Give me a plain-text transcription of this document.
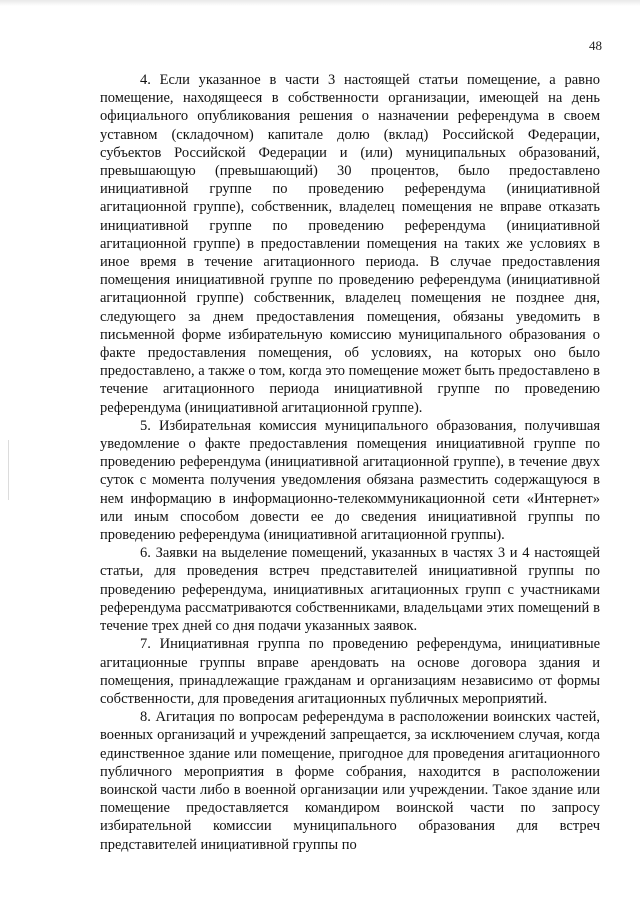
48

4. Если указанное в части 3 настоящей статьи помещение, а равно помещение, находящееся в собственности организации, имеющей на день официального опубликования решения о назначении референдума в своем уставном (складочном) капитале долю (вклад) Российской Федерации, субъектов Российской Федерации и (или) муниципальных образований, превышающую (превышающий) 30 процентов, было предоставлено инициативной группе по проведению референдума (инициативной агитационной группе), собственник, владелец помещения не вправе отказать инициативной группе по проведению референдума (инициативной агитационной группе) в предоставлении помещения на таких же условиях в иное время в течение агитационного периода. В случае предоставления помещения инициативной группе по проведению референдума (инициативной агитационной группе) собственник, владелец помещения не позднее дня, следующего за днем предоставления помещения, обязаны уведомить в письменной форме избирательную комиссию муниципального образования о факте предоставления помещения, об условиях, на которых оно было предоставлено, а также о том, когда это помещение может быть предоставлено в течение агитационного периода инициативной группе по проведению референдума (инициативной агитационной группе).

5. Избирательная комиссия муниципального образования, получившая уведомление о факте предоставления помещения инициативной группе по проведению референдума (инициативной агитационной группе), в течение двух суток с момента получения уведомления обязана разместить содержащуюся в нем информацию в информационно-телекоммуникационной сети «Интернет» или иным способом довести ее до сведения инициативной группы по проведению референдума (инициативной агитационной группы).

6. Заявки на выделение помещений, указанных в частях 3 и 4 настоящей статьи, для проведения встреч представителей инициативной группы по проведению референдума, инициативных агитационных групп с участниками референдума рассматриваются собственниками, владельцами этих помещений в течение трех дней со дня подачи указанных заявок.

7. Инициативная группа по проведению референдума, инициативные агитационные группы вправе арендовать на основе договора здания и помещения, принадлежащие гражданам и организациям независимо от формы собственности, для проведения агитационных публичных мероприятий.

8. Агитация по вопросам референдума в расположении воинских частей, военных организаций и учреждений запрещается, за исключением случая, когда единственное здание или помещение, пригодное для проведения агитационного публичного мероприятия в форме собрания, находится в расположении воинской части либо в военной организации или учреждении. Такое здание или помещение предоставляется командиром воинской части по запросу избирательной комиссии муниципального образования для встреч представителей инициативной группы по
